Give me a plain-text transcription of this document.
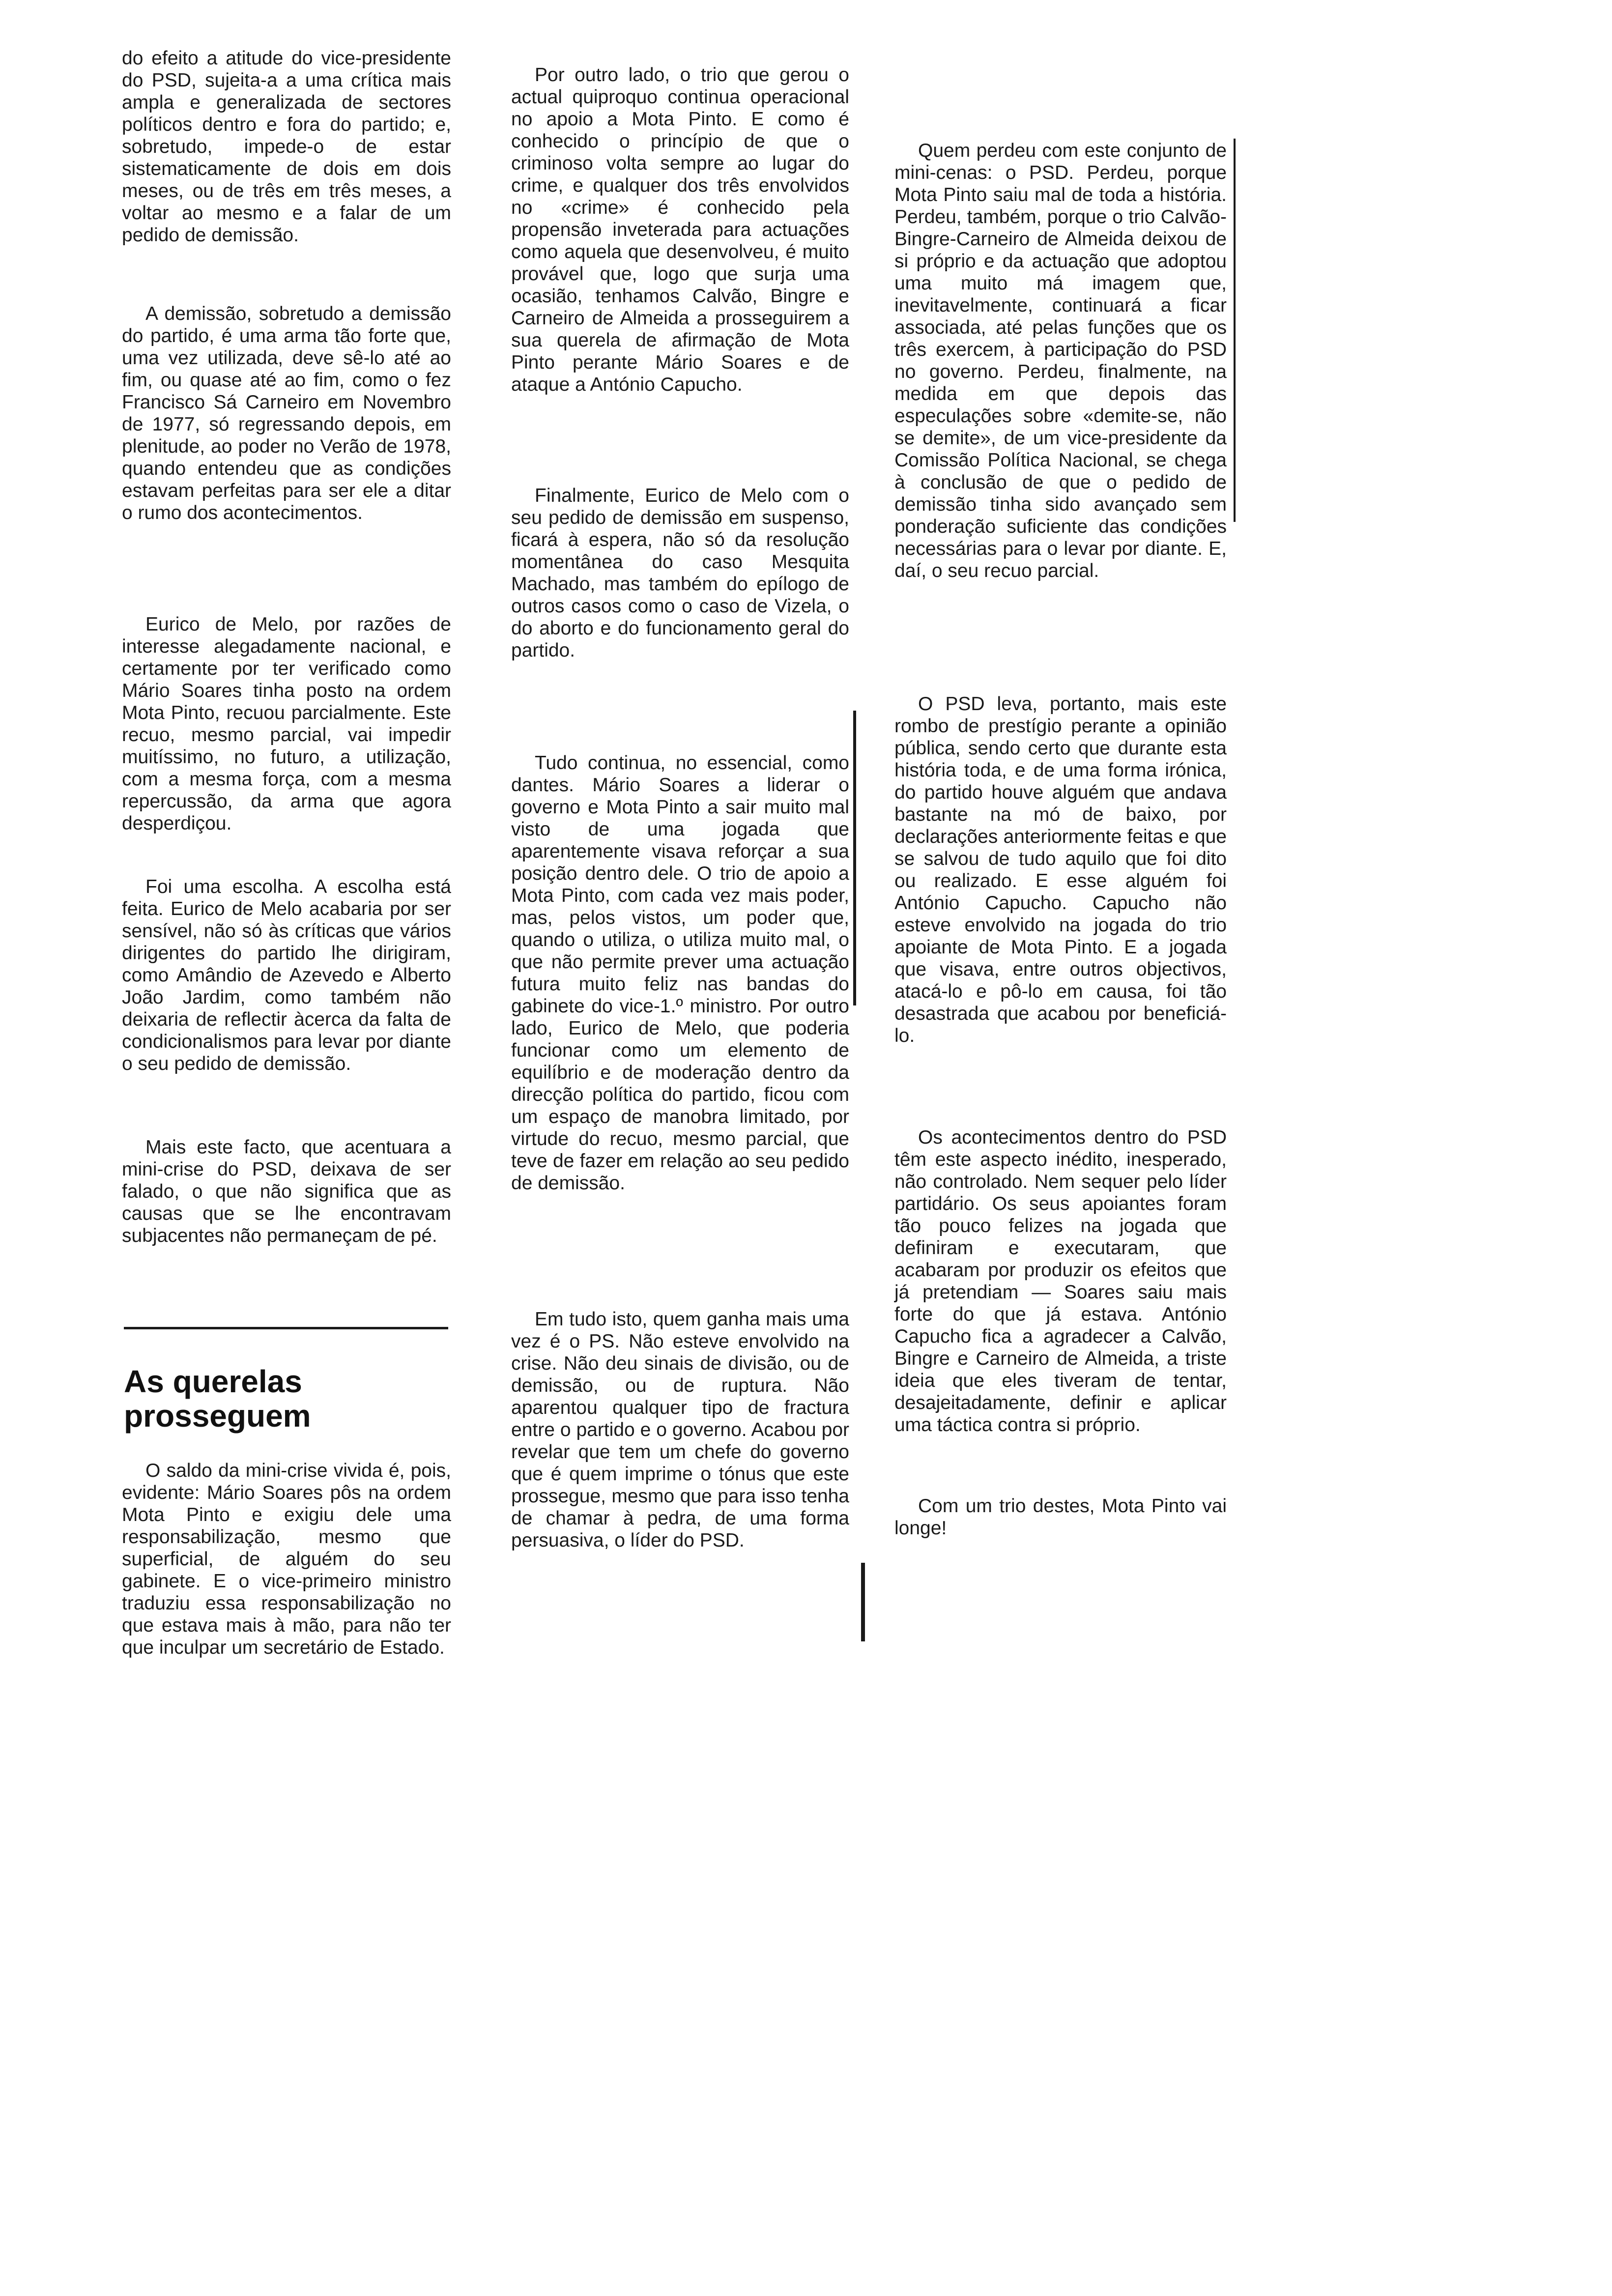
do efeito a atitude do vice-presidente do PSD, sujeita-a a uma crítica mais ampla e generalizada de sectores políticos dentro e fora do partido; e, sobretudo, impede-o de estar sistematicamente de dois em dois meses, ou de três em três meses, a voltar ao mesmo e a falar de um pedido de demissão.

A demissão, sobretudo a demissão do partido, é uma arma tão forte que, uma vez utilizada, deve sê-lo até ao fim, ou quase até ao fim, como o fez Francisco Sá Carneiro em Novembro de 1977, só regressando depois, em plenitude, ao poder no Verão de 1978, quando entendeu que as condições estavam perfeitas para ser ele a ditar o rumo dos acontecimentos.

Eurico de Melo, por razões de interesse alegadamente nacional, e certamente por ter verificado como Mário Soares tinha posto na ordem Mota Pinto, recuou parcialmente. Este recuo, mesmo parcial, vai impedir muitíssimo, no futuro, a utilização, com a mesma força, com a mesma repercussão, da arma que agora desperdiçou.

Foi uma escolha. A escolha está feita. Eurico de Melo acabaria por ser sensível, não só às críticas que vários dirigentes do partido lhe dirigiram, como Amândio de Azevedo e Alberto João Jardim, como também não deixaria de reflectir àcerca da falta de condicionalismos para levar por diante o seu pedido de demissão.

Mais este facto, que acentuara a mini-crise do PSD, deixava de ser falado, o que não significa que as causas que se lhe encontravam subjacentes não permaneçam de pé.

O saldo da mini-crise vivida é, pois, evidente: Mário Soares pôs na ordem Mota Pinto e exigiu dele uma responsabilização, mesmo que superficial, de alguém do seu gabinete. E o vice-primeiro ministro traduziu essa responsabilização no que estava mais à mão, para não ter que inculpar um secretário de Estado.

As querelas prosseguem

Por outro lado, o trio que gerou o actual quiproquo continua operacional no apoio a Mota Pinto. E como é conhecido o princípio de que o criminoso volta sempre ao lugar do crime, e qualquer dos três envolvidos no «crime» é conhecido pela propensão inveterada para actuações como aquela que desenvolveu, é muito provável que, logo que surja uma ocasião, tenhamos Calvão, Bingre e Carneiro de Almeida a prosseguirem a sua querela de afirmação de Mota Pinto perante Mário Soares e de ataque a António Capucho.

Finalmente, Eurico de Melo com o seu pedido de demissão em suspenso, ficará à espera, não só da resolução momentânea do caso Mesquita Machado, mas também do epílogo de outros casos como o caso de Vizela, o do aborto e do funcionamento geral do partido.

Tudo continua, no essencial, como dantes. Mário Soares a liderar o governo e Mota Pinto a sair muito mal visto de uma jogada que aparentemente visava reforçar a sua posição dentro dele. O trio de apoio a Mota Pinto, com cada vez mais poder, mas, pelos vistos, um poder que, quando o utiliza, o utiliza muito mal, o que não permite prever uma actuação futura muito feliz nas bandas do gabinete do vice-1.º ministro. Por outro lado, Eurico de Melo, que poderia funcionar como um elemento de equilíbrio e de moderação dentro da direcção política do partido, ficou com um espaço de manobra limitado, por virtude do recuo, mesmo parcial, que teve de fazer em relação ao seu pedido de demissão.

Em tudo isto, quem ganha mais uma vez é o PS. Não esteve envolvido na crise. Não deu sinais de divisão, ou de demissão, ou de ruptura. Não aparentou qualquer tipo de fractura entre o partido e o governo. Acabou por revelar que tem um chefe do governo que é quem imprime o tónus que este prossegue, mesmo que para isso tenha de chamar à pedra, de uma forma persuasiva, o líder do PSD.

Quem perdeu com este conjunto de mini-cenas: o PSD. Perdeu, porque Mota Pinto saiu mal de toda a história. Perdeu, também, porque o trio Calvão-Bingre-Carneiro de Almeida deixou de si próprio e da actuação que adoptou uma muito má imagem que, inevitavelmente, continuará a ficar associada, até pelas funções que os três exercem, à participação do PSD no governo. Perdeu, finalmente, na medida em que depois das especulações sobre «demite-se, não se demite», de um vice-presidente da Comissão Política Nacional, se chega à conclusão de que o pedido de demissão tinha sido avançado sem ponderação suficiente das condições necessárias para o levar por diante. E, daí, o seu recuo parcial.

O PSD leva, portanto, mais este rombo de prestígio perante a opinião pública, sendo certo que durante esta história toda, e de uma forma irónica, do partido houve alguém que andava bastante na mó de baixo, por declarações anteriormente feitas e que se salvou de tudo aquilo que foi dito ou realizado. E esse alguém foi António Capucho. Capucho não esteve envolvido na jogada do trio apoiante de Mota Pinto. E a jogada que visava, entre outros objectivos, atacá-lo e pô-lo em causa, foi tão desastrada que acabou por beneficiá-lo.

Os acontecimentos dentro do PSD têm este aspecto inédito, inesperado, não controlado. Nem sequer pelo líder partidário. Os seus apoiantes foram tão pouco felizes na jogada que definiram e executaram, que acabaram por produzir os efeitos que já pretendiam — Soares saiu mais forte do que já estava. António Capucho fica a agradecer a Calvão, Bingre e Carneiro de Almeida, a triste ideia que eles tiveram de tentar, desajeitadamente, definir e aplicar uma táctica contra si próprio.

Com um trio destes, Mota Pinto vai longe!
